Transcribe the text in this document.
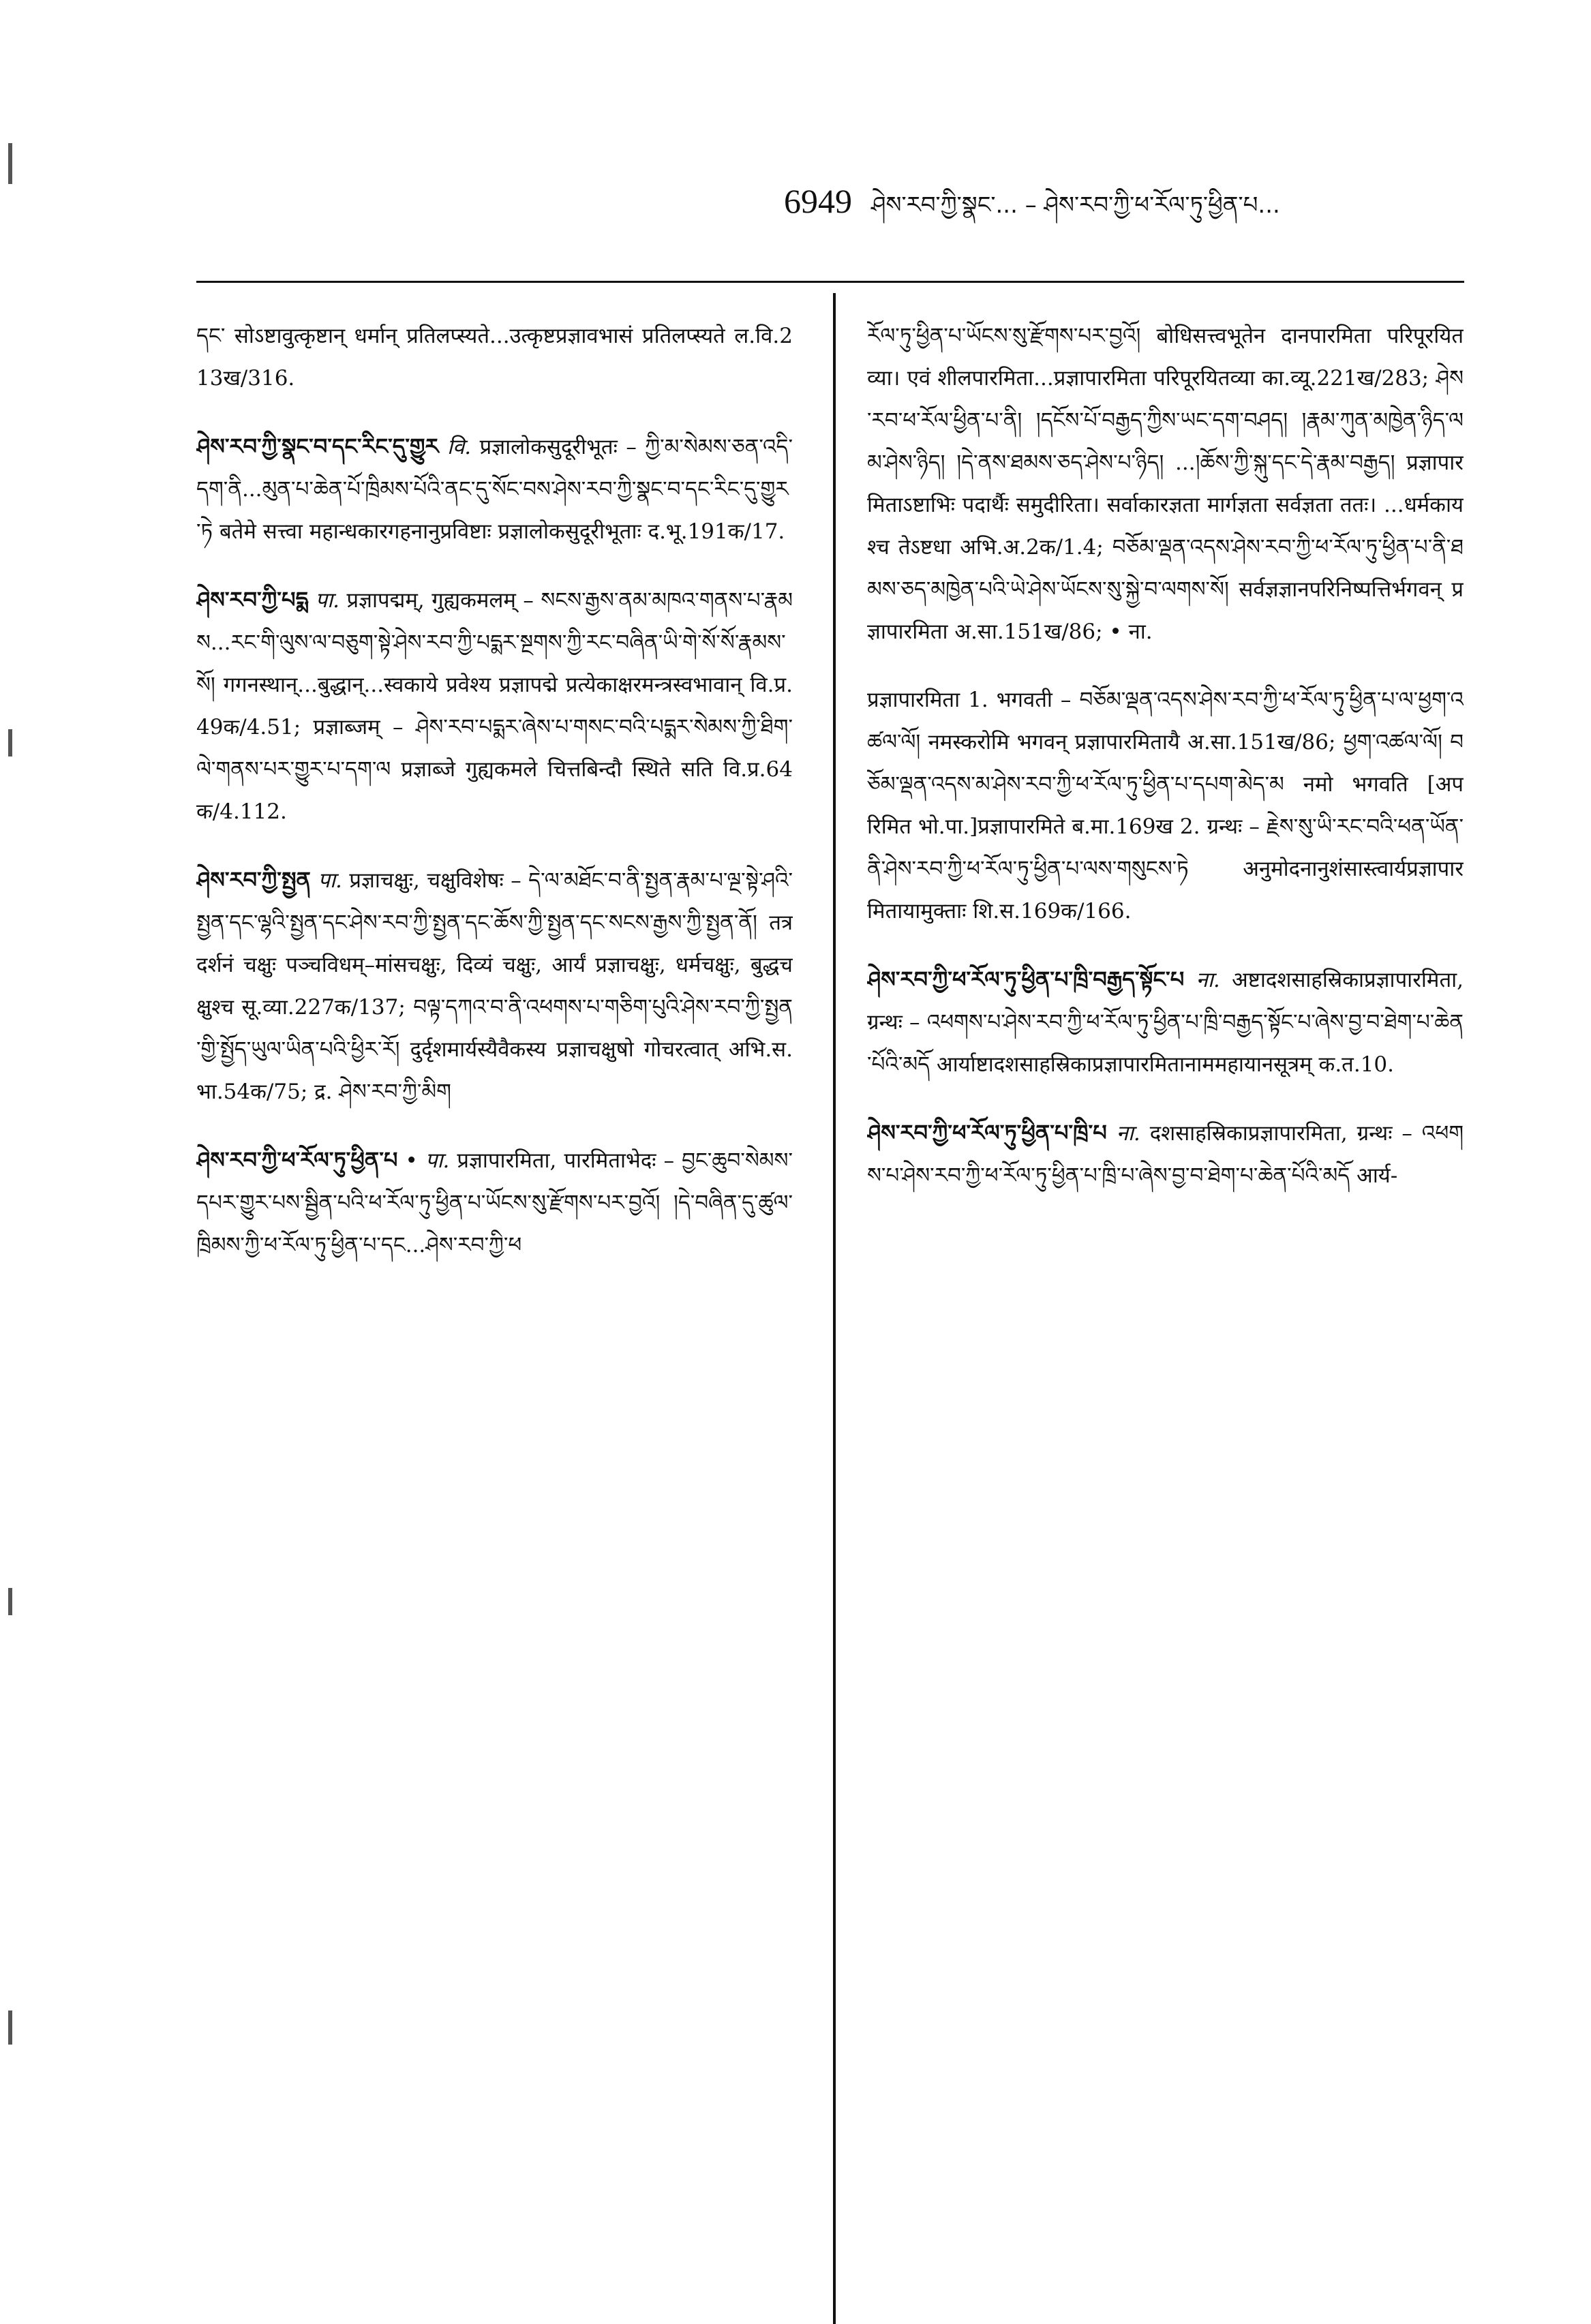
6949 ཤེས་རབ་ཀྱི་སྣང་... – ཤེས་རབ་ཀྱི་ཕ་རོལ་ཏུ་ཕྱིན་པ...

དང་ सोऽष्टावुत्कृष्टान् धर्मान् प्रतिलप्स्यते...उत्कृष्टप्रज्ञावभासं प्रतिलप्स्यते ल.वि.213ख/316.

ཤེས་རབ་ཀྱི་སྣང་བ་དང་རིང་དུ་གྱུར वि. प्रज्ञालोकसुदूरीभूतः – ཀྱི་མ་སེམས་ཅན་འདི་དག་ནི...མུན་པ་ཆེན་པོ་ཁྲིམས་པོའི་ནང་དུ་སོང་བས་ཤེས་རབ་ཀྱི་སྣང་བ་དང་རིང་དུ་གྱུར་ཏེ बतेमे सत्त्वा महान्धकारगहनानुप्रविष्टाः प्रज्ञालोकसुदूरीभूताः द.भू.191क/17.

ཤེས་རབ་ཀྱི་པདྨ पा. प्रज्ञापद्मम्, गुह्यकमलम् – སངས་རྒྱས་ནམ་མཁའ་གནས་པ་རྣམས...རང་གི་ལུས་ལ་བཅུག་སྟེ་ཤེས་རབ་ཀྱི་པདྨར་སྔགས་ཀྱི་རང་བཞིན་ཡི་གེ་སོ་སོ་རྣམས་སོ། गगनस्थान्...बुद्धान्...स्वकाये प्रवेश्य प्रज्ञापद्मे प्रत्येकाक्षरमन्त्रस्वभावान् वि.प्र.49क/4.51; प्रज्ञाब्जम् – ཤེས་རབ་པདྨར་ཞེས་པ་གསང་བའི་པདྨར་སེམས་ཀྱི་ཐིག་ལེ་གནས་པར་གྱུར་པ་དག་ལ प्रज्ञाब्जे गुह्यकमले चित्तबिन्दौ स्थिते सति वि.प्र.64क/4.112.

ཤེས་རབ་ཀྱི་སྤྱན पा. प्रज्ञाचक्षुः, चक्षुविशेषः – དེ་ལ་མཐོང་བ་ནི་སྤྱན་རྣམ་པ་ལྔ་སྟེ་ཤའི་སྤྱན་དང་ལྷའི་སྤྱན་དང་ཤེས་རབ་ཀྱི་སྤྱན་དང་ཆོས་ཀྱི་སྤྱན་དང་སངས་རྒྱས་ཀྱི་སྤྱན་ནོ། तत्र दर्शनं चक्षुः पञ्चविधम्–मांसचक्षुः, दिव्यं चक्षुः, आर्यं प्रज्ञाचक्षुः, धर्मचक्षुः, बुद्धचक्षुश्च सू.व्या.227क/137; བལྟ་དཀའ་བ་ནི་འཕགས་པ་གཅིག་པུའི་ཤེས་རབ་ཀྱི་སྤྱན་གྱི་སྤྱོད་ཡུལ་ཡིན་པའི་ཕྱིར་རོ། दुर्दृशमार्यस्यैवैकस्य प्रज्ञाचक्षुषो गोचरत्वात् अभि.स.भा.54क/75; द्र. ཤེས་རབ་ཀྱི་མིག

ཤེས་རབ་ཀྱི་ཕ་རོལ་ཏུ་ཕྱིན་པ • पा. प्रज्ञापारमिता, पारमिताभेदः – བྱང་ཆུབ་སེམས་དཔར་གྱུར་པས་སྦྱིན་པའི་ཕ་རོལ་ཏུ་ཕྱིན་པ་ཡོངས་སུ་རྫོགས་པར་བྱའོ། །དེ་བཞིན་དུ་ཚུལ་ཁྲིམས་ཀྱི་ཕ་རོལ་ཏུ་ཕྱིན་པ་དང...ཤེས་རབ་ཀྱི་ཕ

རོལ་ཏུ་ཕྱིན་པ་ཡོངས་སུ་རྫོགས་པར་བྱའོ། बोधिसत्त्वभूतेन दानपारमिता परिपूरयितव्या। एवं शीलपारमिता...प्रज्ञापारमिता परिपूरयितव्या का.व्यू.221ख/283; ཤེས་རབ་ཕ་རོལ་ཕྱིན་པ་ནི། །དངོས་པོ་བརྒྱད་ཀྱིས་ཡང་དག་བཤད། །རྣམ་ཀུན་མཁྱེན་ཉིད་ལམ་ཤེས་ཉིད། །དེ་ནས་ཐམས་ཅད་ཤེས་པ་ཉིད། ...།ཆོས་ཀྱི་སྐུ་དང་དེ་རྣམ་བརྒྱད། प्रज्ञापारमिताऽष्टाभिः पदार्थैः समुदीरिता। सर्वाकारज्ञता मार्गज्ञता सर्वज्ञता ततः। ...धर्मकायश्च तेऽष्टधा अभि.अ.2क/1.4; བཅོམ་ལྡན་འདས་ཤེས་རབ་ཀྱི་ཕ་རོལ་ཏུ་ཕྱིན་པ་ནི་ཐམས་ཅད་མཁྱེན་པའི་ཡེ་ཤེས་ཡོངས་སུ་སྐྱེ་བ་ལགས་སོ། सर्वज्ञज्ञानपरिनिष्पत्तिर्भगवन् प्रज्ञापारमिता अ.सा.151ख/86; • ना.

प्रज्ञापारमिता 1. भगवती – བཅོམ་ལྡན་འདས་ཤེས་རབ་ཀྱི་ཕ་རོལ་ཏུ་ཕྱིན་པ་ལ་ཕྱག་འཚལ་ལོ། नमस्करोमि भगवन् प्रज्ञापारमितायै अ.सा.151ख/86; ཕྱག་འཚལ་ལོ། བཅོམ་ལྡན་འདས་མ་ཤེས་རབ་ཀྱི་ཕ་རོལ་ཏུ་ཕྱིན་པ་དཔག་མེད་མ नमो भगवति [अपरिमित भो.पा.]प्रज्ञापारमिते ब.मा.169ख 2. ग्रन्थः – རྗེས་སུ་ཡི་རང་བའི་ཕན་ཡོན་ནི་ཤེས་རབ་ཀྱི་ཕ་རོལ་ཏུ་ཕྱིན་པ་ལས་གསུངས་ཏེ अनुमोदनानुशंसास्त्वार्यप्रज्ञापारमितायामुक्ताः शि.स.169क/166.

ཤེས་རབ་ཀྱི་ཕ་རོལ་ཏུ་ཕྱིན་པ་ཁྲི་བརྒྱད་སྟོང་པ ना. अष्टादशसाहस्रिकाप्रज्ञापारमिता, ग्रन्थः – འཕགས་པ་ཤེས་རབ་ཀྱི་ཕ་རོལ་ཏུ་ཕྱིན་པ་ཁྲི་བརྒྱད་སྟོང་པ་ཞེས་བྱ་བ་ཐེག་པ་ཆེན་པོའི་མདོ आर्याष्टादशसाहस्रिकाप्रज्ञापारमितानाममहायानसूत्रम् क.त.10.

ཤེས་རབ་ཀྱི་ཕ་རོལ་ཏུ་ཕྱིན་པ་ཁྲི་པ ना. दशसाहस्रिकाप्रज्ञापारमिता, ग्रन्थः – འཕགས་པ་ཤེས་རབ་ཀྱི་ཕ་རོལ་ཏུ་ཕྱིན་པ་ཁྲི་པ་ཞེས་བྱ་བ་ཐེག་པ་ཆེན་པོའི་མདོ आर्य-
